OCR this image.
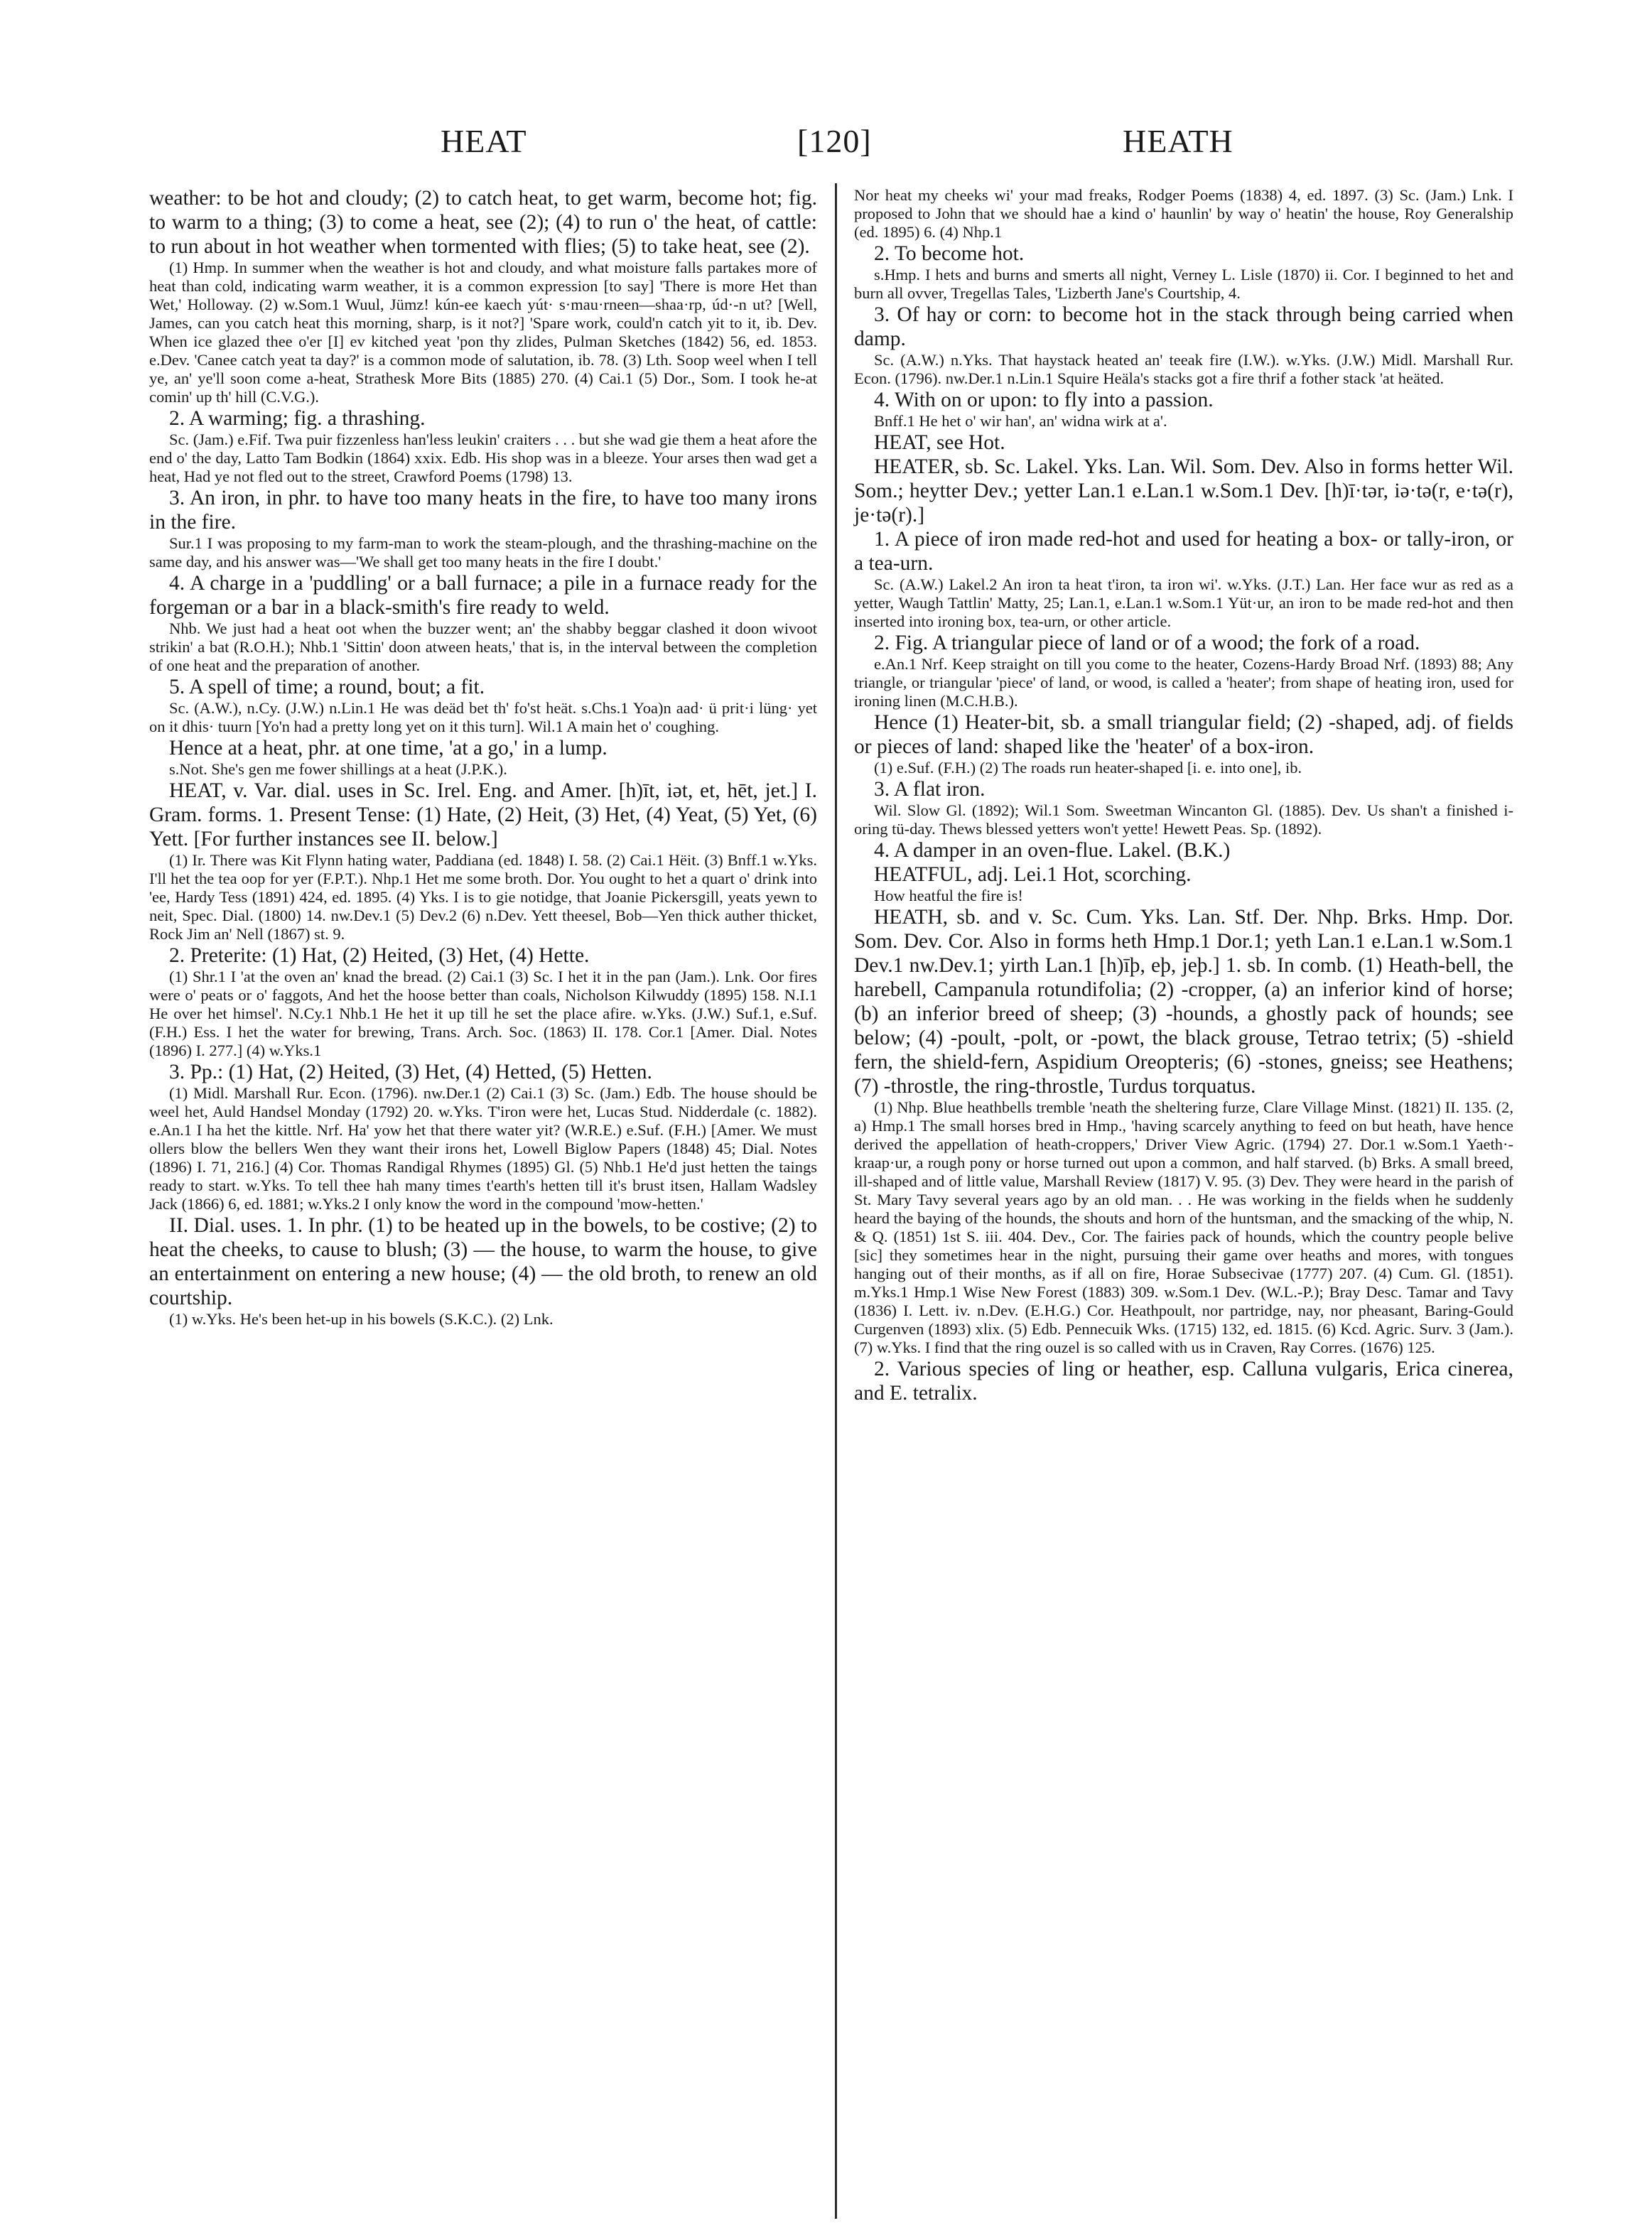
HEAT	[120]	HEATH

weather: to be hot and cloudy; (2) to catch heat, to get warm, become hot; fig. to warm to a thing; (3) to come a heat, see (2); (4) to run o' the heat, of cattle: to run about in hot weather when tormented with flies; (5) to take heat, see (2).

(1) Hmp. In summer when the weather is hot and cloudy, and what moisture falls partakes more of heat than cold, indicating warm weather, it is a common expression [to say] 'There is more Het than Wet,' Holloway. (2) w.Som.1 Wuul, Jümz! kún-ee kaech yút· s·mau·rneen—shaa·rp, úd·-n ut? [Well, James, can you catch heat this morning, sharp, is it not?] 'Spare work, could'n catch yit to it, ib. Dev. When ice glazed thee o'er [I] ev kitched yeat 'pon thy zlides, Pulman Sketches (1842) 56, ed. 1853. e.Dev. 'Canee catch yeat ta day?' is a common mode of salutation, ib. 78. (3) Lth. Soop weel when I tell ye, an' ye'll soon come a-heat, Strathesk More Bits (1885) 270. (4) Cai.1 (5) Dor., Som. I took he-at comin' up th' hill (C.V.G.).

2. A warming; fig. a thrashing.

Sc. (Jam.) e.Fif. Twa puir fizzenless han'less leukin' craiters . . . but she wad gie them a heat afore the end o' the day, Latto Tam Bodkin (1864) xxix. Edb. His shop was in a bleeze. Your arses then wad get a heat, Had ye not fled out to the street, Crawford Poems (1798) 13.

3. An iron, in phr. to have too many heats in the fire, to have too many irons in the fire.

Sur.1 I was proposing to my farm-man to work the steam-plough, and the thrashing-machine on the same day, and his answer was—'We shall get too many heats in the fire I doubt.'

4. A charge in a 'puddling' or a ball furnace; a pile in a furnace ready for the forgeman or a bar in a black-smith's fire ready to weld.

Nhb. We just had a heat oot when the buzzer went; an' the shabby beggar clashed it doon wivoot strikin' a bat (R.O.H.); Nhb.1 'Sittin' doon atween heats,' that is, in the interval between the completion of one heat and the preparation of another.

5. A spell of time; a round, bout; a fit.

Sc. (A.W.), n.Cy. (J.W.) n.Lin.1 He was deäd bet th' fo'st heät. s.Chs.1 Yoa)n aad· ü prit·i lüng· yet on it dhis· tuurn [Yo'n had a pretty long yet on it this turn]. Wil.1 A main het o' coughing.

Hence at a heat, phr. at one time, 'at a go,' in a lump.

s.Not. She's gen me fower shillings at a heat (J.P.K.).

HEAT, v. Var. dial. uses in Sc. Irel. Eng. and Amer. [h)īt, iət, et, hēt, jet.] I. Gram. forms. 1. Present Tense: (1) Hate, (2) Heit, (3) Het, (4) Yeat, (5) Yet, (6) Yett. [For further instances see II. below.]

(1) Ir. There was Kit Flynn hating water, Paddiana (ed. 1848) I. 58. (2) Cai.1 Hëit. (3) Bnff.1 w.Yks. I'll het the tea oop for yer (F.P.T.). Nhp.1 Het me some broth. Dor. You ought to het a quart o' drink into 'ee, Hardy Tess (1891) 424, ed. 1895. (4) Yks. I is to gie notidge, that Joanie Pickersgill, yeats yewn to neit, Spec. Dial. (1800) 14. nw.Dev.1 (5) Dev.2 (6) n.Dev. Yett theesel, Bob—Yen thick auther thicket, Rock Jim an' Nell (1867) st. 9.

2. Preterite: (1) Hat, (2) Heited, (3) Het, (4) Hette.

(1) Shr.1 I 'at the oven an' knad the bread. (2) Cai.1 (3) Sc. I het it in the pan (Jam.). Lnk. Oor fires were o' peats or o' faggots, And het the hoose better than coals, Nicholson Kilwuddy (1895) 158. N.I.1 He over het himsel'. N.Cy.1 Nhb.1 He het it up till he set the place afire. w.Yks. (J.W.) Suf.1, e.Suf. (F.H.) Ess. I het the water for brewing, Trans. Arch. Soc. (1863) II. 178. Cor.1 [Amer. Dial. Notes (1896) I. 277.] (4) w.Yks.1

3. Pp.: (1) Hat, (2) Heited, (3) Het, (4) Hetted, (5) Hetten.

(1) Midl. Marshall Rur. Econ. (1796). nw.Der.1 (2) Cai.1 (3) Sc. (Jam.) Edb. The house should be weel het, Auld Handsel Monday (1792) 20. w.Yks. T'iron were het, Lucas Stud. Nidderdale (c. 1882). e.An.1 I ha het the kittle. Nrf. Ha' yow het that there water yit? (W.R.E.) e.Suf. (F.H.) [Amer. We must ollers blow the bellers Wen they want their irons het, Lowell Biglow Papers (1848) 45; Dial. Notes (1896) I. 71, 216.] (4) Cor. Thomas Randigal Rhymes (1895) Gl. (5) Nhb.1 He'd just hetten the taings ready to start. w.Yks. To tell thee hah many times t'earth's hetten till it's brust itsen, Hallam Wadsley Jack (1866) 6, ed. 1881; w.Yks.2 I only know the word in the compound 'mow-hetten.'

II. Dial. uses. 1. In phr. (1) to be heated up in the bowels, to be costive; (2) to heat the cheeks, to cause to blush; (3) — the house, to warm the house, to give an entertainment on entering a new house; (4) — the old broth, to renew an old courtship.

(1) w.Yks. He's been het-up in his bowels (S.K.C.). (2) Lnk.

Nor heat my cheeks wi' your mad freaks, Rodger Poems (1838) 4, ed. 1897. (3) Sc. (Jam.) Lnk. I proposed to John that we should hae a kind o' haunlin' by way o' heatin' the house, Roy Generalship (ed. 1895) 6. (4) Nhp.1

2. To become hot.

s.Hmp. I hets and burns and smerts all night, Verney L. Lisle (1870) ii. Cor. I beginned to het and burn all ovver, Tregellas Tales, 'Lizberth Jane's Courtship, 4.

3. Of hay or corn: to become hot in the stack through being carried when damp.

Sc. (A.W.) n.Yks. That haystack heated an' teeak fire (I.W.). w.Yks. (J.W.) Midl. Marshall Rur. Econ. (1796). nw.Der.1 n.Lin.1 Squire Heäla's stacks got a fire thrif a fother stack 'at heäted.

4. With on or upon: to fly into a passion.

Bnff.1 He het o' wir han', an' widna wirk at a'.

HEAT, see Hot.

HEATER, sb. Sc. Lakel. Yks. Lan. Wil. Som. Dev. Also in forms hetter Wil. Som.; heytter Dev.; yetter Lan.1 e.Lan.1 w.Som.1 Dev. [h)ī·tər, iə·tə(r, e·tə(r), je·tə(r).]

1. A piece of iron made red-hot and used for heating a box- or tally-iron, or a tea-urn.

Sc. (A.W.) Lakel.2 An iron ta heat t'iron, ta iron wi'. w.Yks. (J.T.) Lan. Her face wur as red as a yetter, Waugh Tattlin' Matty, 25; Lan.1, e.Lan.1 w.Som.1 Yüt·ur, an iron to be made red-hot and then inserted into ironing box, tea-urn, or other article.

2. Fig. A triangular piece of land or of a wood; the fork of a road.

e.An.1 Nrf. Keep straight on till you come to the heater, Cozens-Hardy Broad Nrf. (1893) 88; Any triangle, or triangular 'piece' of land, or wood, is called a 'heater'; from shape of heating iron, used for ironing linen (M.C.H.B.).

Hence (1) Heater-bit, sb. a small triangular field; (2) -shaped, adj. of fields or pieces of land: shaped like the 'heater' of a box-iron.

(1) e.Suf. (F.H.) (2) The roads run heater-shaped [i. e. into one], ib.

3. A flat iron.

Wil. Slow Gl. (1892); Wil.1 Som. Sweetman Wincanton Gl. (1885). Dev. Us shan't a finished i-oring tü-day. Thews blessed yetters won't yette! Hewett Peas. Sp. (1892).

4. A damper in an oven-flue. Lakel. (B.K.)

HEATFUL, adj. Lei.1 Hot, scorching.

How heatful the fire is!

HEATH, sb. and v. Sc. Cum. Yks. Lan. Stf. Der. Nhp. Brks. Hmp. Dor. Som. Dev. Cor. Also in forms heth Hmp.1 Dor.1; yeth Lan.1 e.Lan.1 w.Som.1 Dev.1 nw.Dev.1; yirth Lan.1 [h)īþ, eþ, jeþ.] 1. sb. In comb. (1) Heath-bell, the harebell, Campanula rotundifolia; (2) -cropper, (a) an inferior kind of horse; (b) an inferior breed of sheep; (3) -hounds, a ghostly pack of hounds; see below; (4) -poult, -polt, or -powt, the black grouse, Tetrao tetrix; (5) -shield fern, the shield-fern, Aspidium Oreopteris; (6) -stones, gneiss; see Heathens; (7) -throstle, the ring-throstle, Turdus torquatus.

(1) Nhp. Blue heathbells tremble 'neath the sheltering furze, Clare Village Minst. (1821) II. 135. (2, a) Hmp.1 The small horses bred in Hmp., 'having scarcely anything to feed on but heath, have hence derived the appellation of heath-croppers,' Driver View Agric. (1794) 27. Dor.1 w.Som.1 Yaeth·-kraap·ur, a rough pony or horse turned out upon a common, and half starved. (b) Brks. A small breed, ill-shaped and of little value, Marshall Review (1817) V. 95. (3) Dev. They were heard in the parish of St. Mary Tavy several years ago by an old man. . . He was working in the fields when he suddenly heard the baying of the hounds, the shouts and horn of the huntsman, and the smacking of the whip, N. & Q. (1851) 1st S. iii. 404. Dev., Cor. The fairies pack of hounds, which the country people belive [sic] they sometimes hear in the night, pursuing their game over heaths and mores, with tongues hanging out of their months, as if all on fire, Horae Subsecivae (1777) 207. (4) Cum. Gl. (1851). m.Yks.1 Hmp.1 Wise New Forest (1883) 309. w.Som.1 Dev. (W.L.-P.); Bray Desc. Tamar and Tavy (1836) I. Lett. iv. n.Dev. (E.H.G.) Cor. Heathpoult, nor partridge, nay, nor pheasant, Baring-Gould Curgenven (1893) xlix. (5) Edb. Pennecuik Wks. (1715) 132, ed. 1815. (6) Kcd. Agric. Surv. 3 (Jam.). (7) w.Yks. I find that the ring ouzel is so called with us in Craven, Ray Corres. (1676) 125.

2. Various species of ling or heather, esp. Calluna vulgaris, Erica cinerea, and E. tetralix.
